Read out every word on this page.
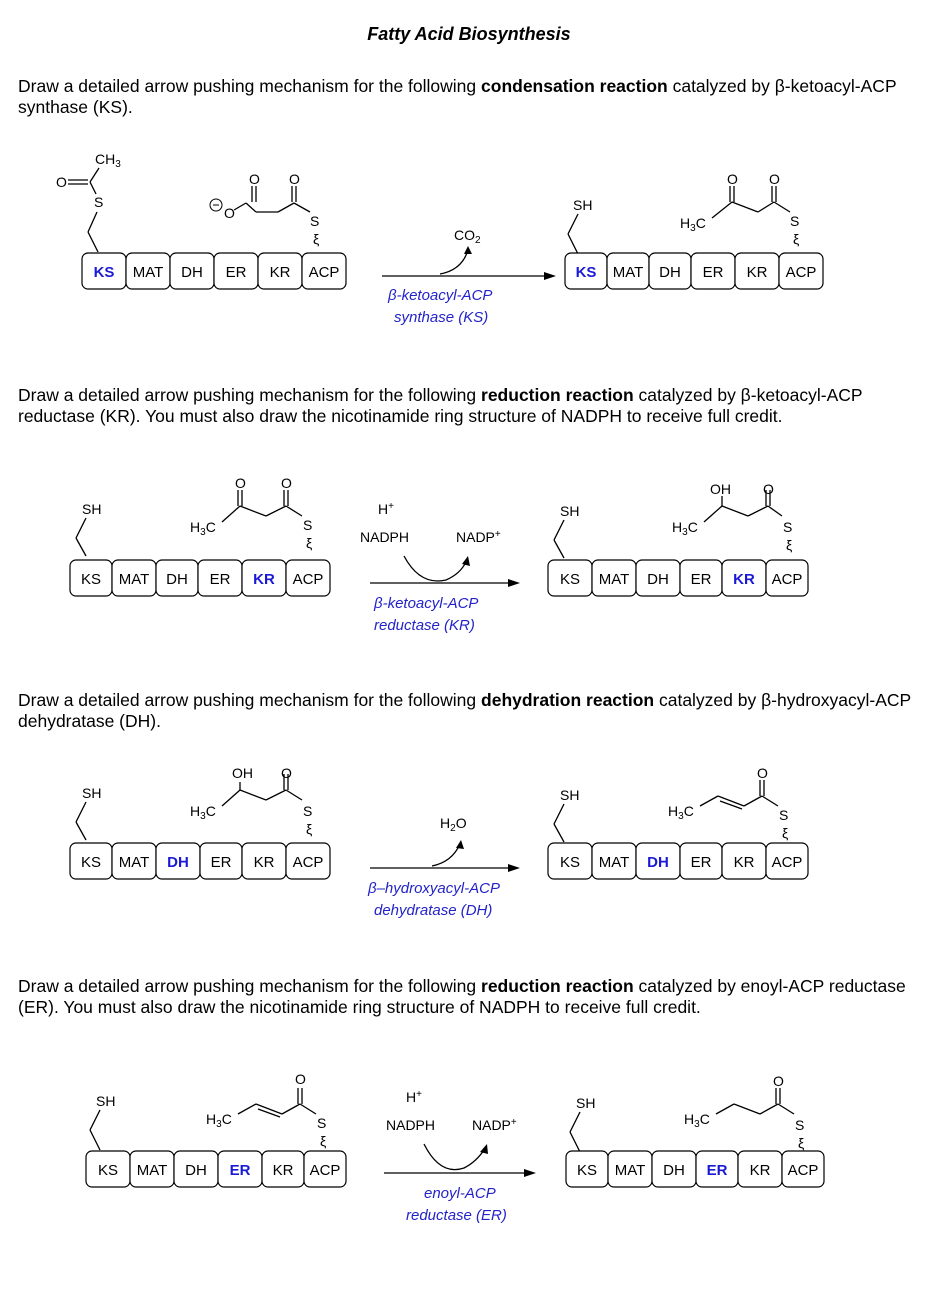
Fatty Acid Biosynthesis
Draw a detailed arrow pushing mechanism for the following condensation reaction catalyzed by β-ketoacyl-ACP synthase (KS).
$CH_3$
O
S
O
O O
S
ξ
KS MAT DH ER KR ACP
$CO_2$
β-ketoacyl-ACP
synthase (KS)
SH
$H_3C$
O O
S
ξ
KS MAT DH ER KR ACP
Draw a detailed arrow pushing mechanism for the following reduction reaction catalyzed by β-ketoacyl-ACP reductase (KR). You must also draw the nicotinamide ring structure of NADPH to receive full credit.
SH
$H_3C$
O	O
S
ξ
KS MAT DH ER KR ACP
H+
NADPH	NADP+
β-ketoacyl-ACP
reductase (KR)
SH
$H_3C$
OH O
S
ξ
KS MAT DH ER KR ACP
Draw a detailed arrow pushing mechanism for the following dehydration reaction catalyzed by β-hydroxyacyl-ACP dehydratase (DH).
SH
$H_3C$
OH O
S
ξ
KS MAT DH ER KR ACP
$H_2O$
β–hydroxyacyl-ACP
dehydratase (DH)
SH
$H_3C$
O
S
ξ
KS MAT DH ER KR ACP
Draw a detailed arrow pushing mechanism for the following reduction reaction catalyzed by enoyl-ACP reductase (ER). You must also draw the nicotinamide ring structure of NADPH to receive full credit.
SH
$H_3C$
O
S
ξ
KS MAT DH ER KR ACP
H+
NADPH	NADP+
enoyl-ACP
reductase (ER)
SH
$H_3C$
O
S
ξ
KS MAT DH ER KR ACP
